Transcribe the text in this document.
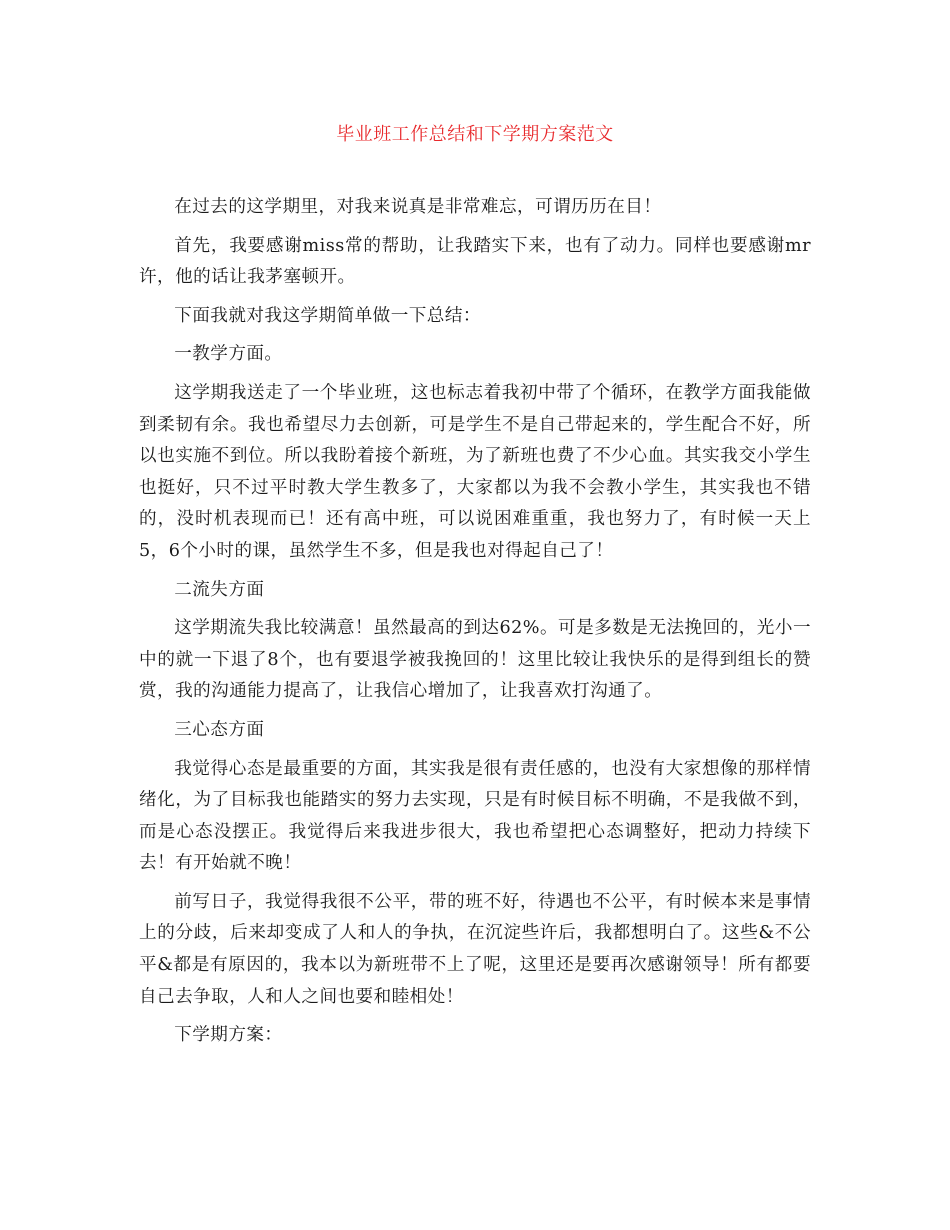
毕业班工作总结和下学期方案范文

在过去的这学期里，对我来说真是非常难忘，可谓历历在目！

首先，我要感谢miss常的帮助，让我踏实下来，也有了动力。同样也要感谢mr许，他的话让我茅塞顿开。

下面我就对我这学期简单做一下总结：

一教学方面。

这学期我送走了一个毕业班，这也标志着我初中带了个循环，在教学方面我能做到柔韧有余。我也希望尽力去创新，可是学生不是自己带起来的，学生配合不好，所以也实施不到位。所以我盼着接个新班，为了新班也费了不少心血。其实我交小学生也挺好，只不过平时教大学生教多了，大家都以为我不会教小学生，其实我也不错的，没时机表现而已！还有高中班，可以说困难重重，我也努力了，有时候一天上5，6个小时的课，虽然学生不多，但是我也对得起自己了！

二流失方面

这学期流失我比较满意！虽然最高的到达62%。可是多数是无法挽回的，光小一中的就一下退了8个，也有要退学被我挽回的！这里比较让我快乐的是得到组长的赞赏，我的沟通能力提高了，让我信心增加了，让我喜欢打沟通了。

三心态方面

我觉得心态是最重要的方面，其实我是很有责任感的，也没有大家想像的那样情绪化，为了目标我也能踏实的努力去实现，只是有时候目标不明确，不是我做不到，而是心态没摆正。我觉得后来我进步很大，我也希望把心态调整好，把动力持续下去！有开始就不晚！

前写日子，我觉得我很不公平，带的班不好，待遇也不公平，有时候本来是事情上的分歧，后来却变成了人和人的争执，在沉淀些许后，我都想明白了。这些&不公平&都是有原因的，我本以为新班带不上了呢，这里还是要再次感谢领导！所有都要自己去争取，人和人之间也要和睦相处！

下学期方案：
